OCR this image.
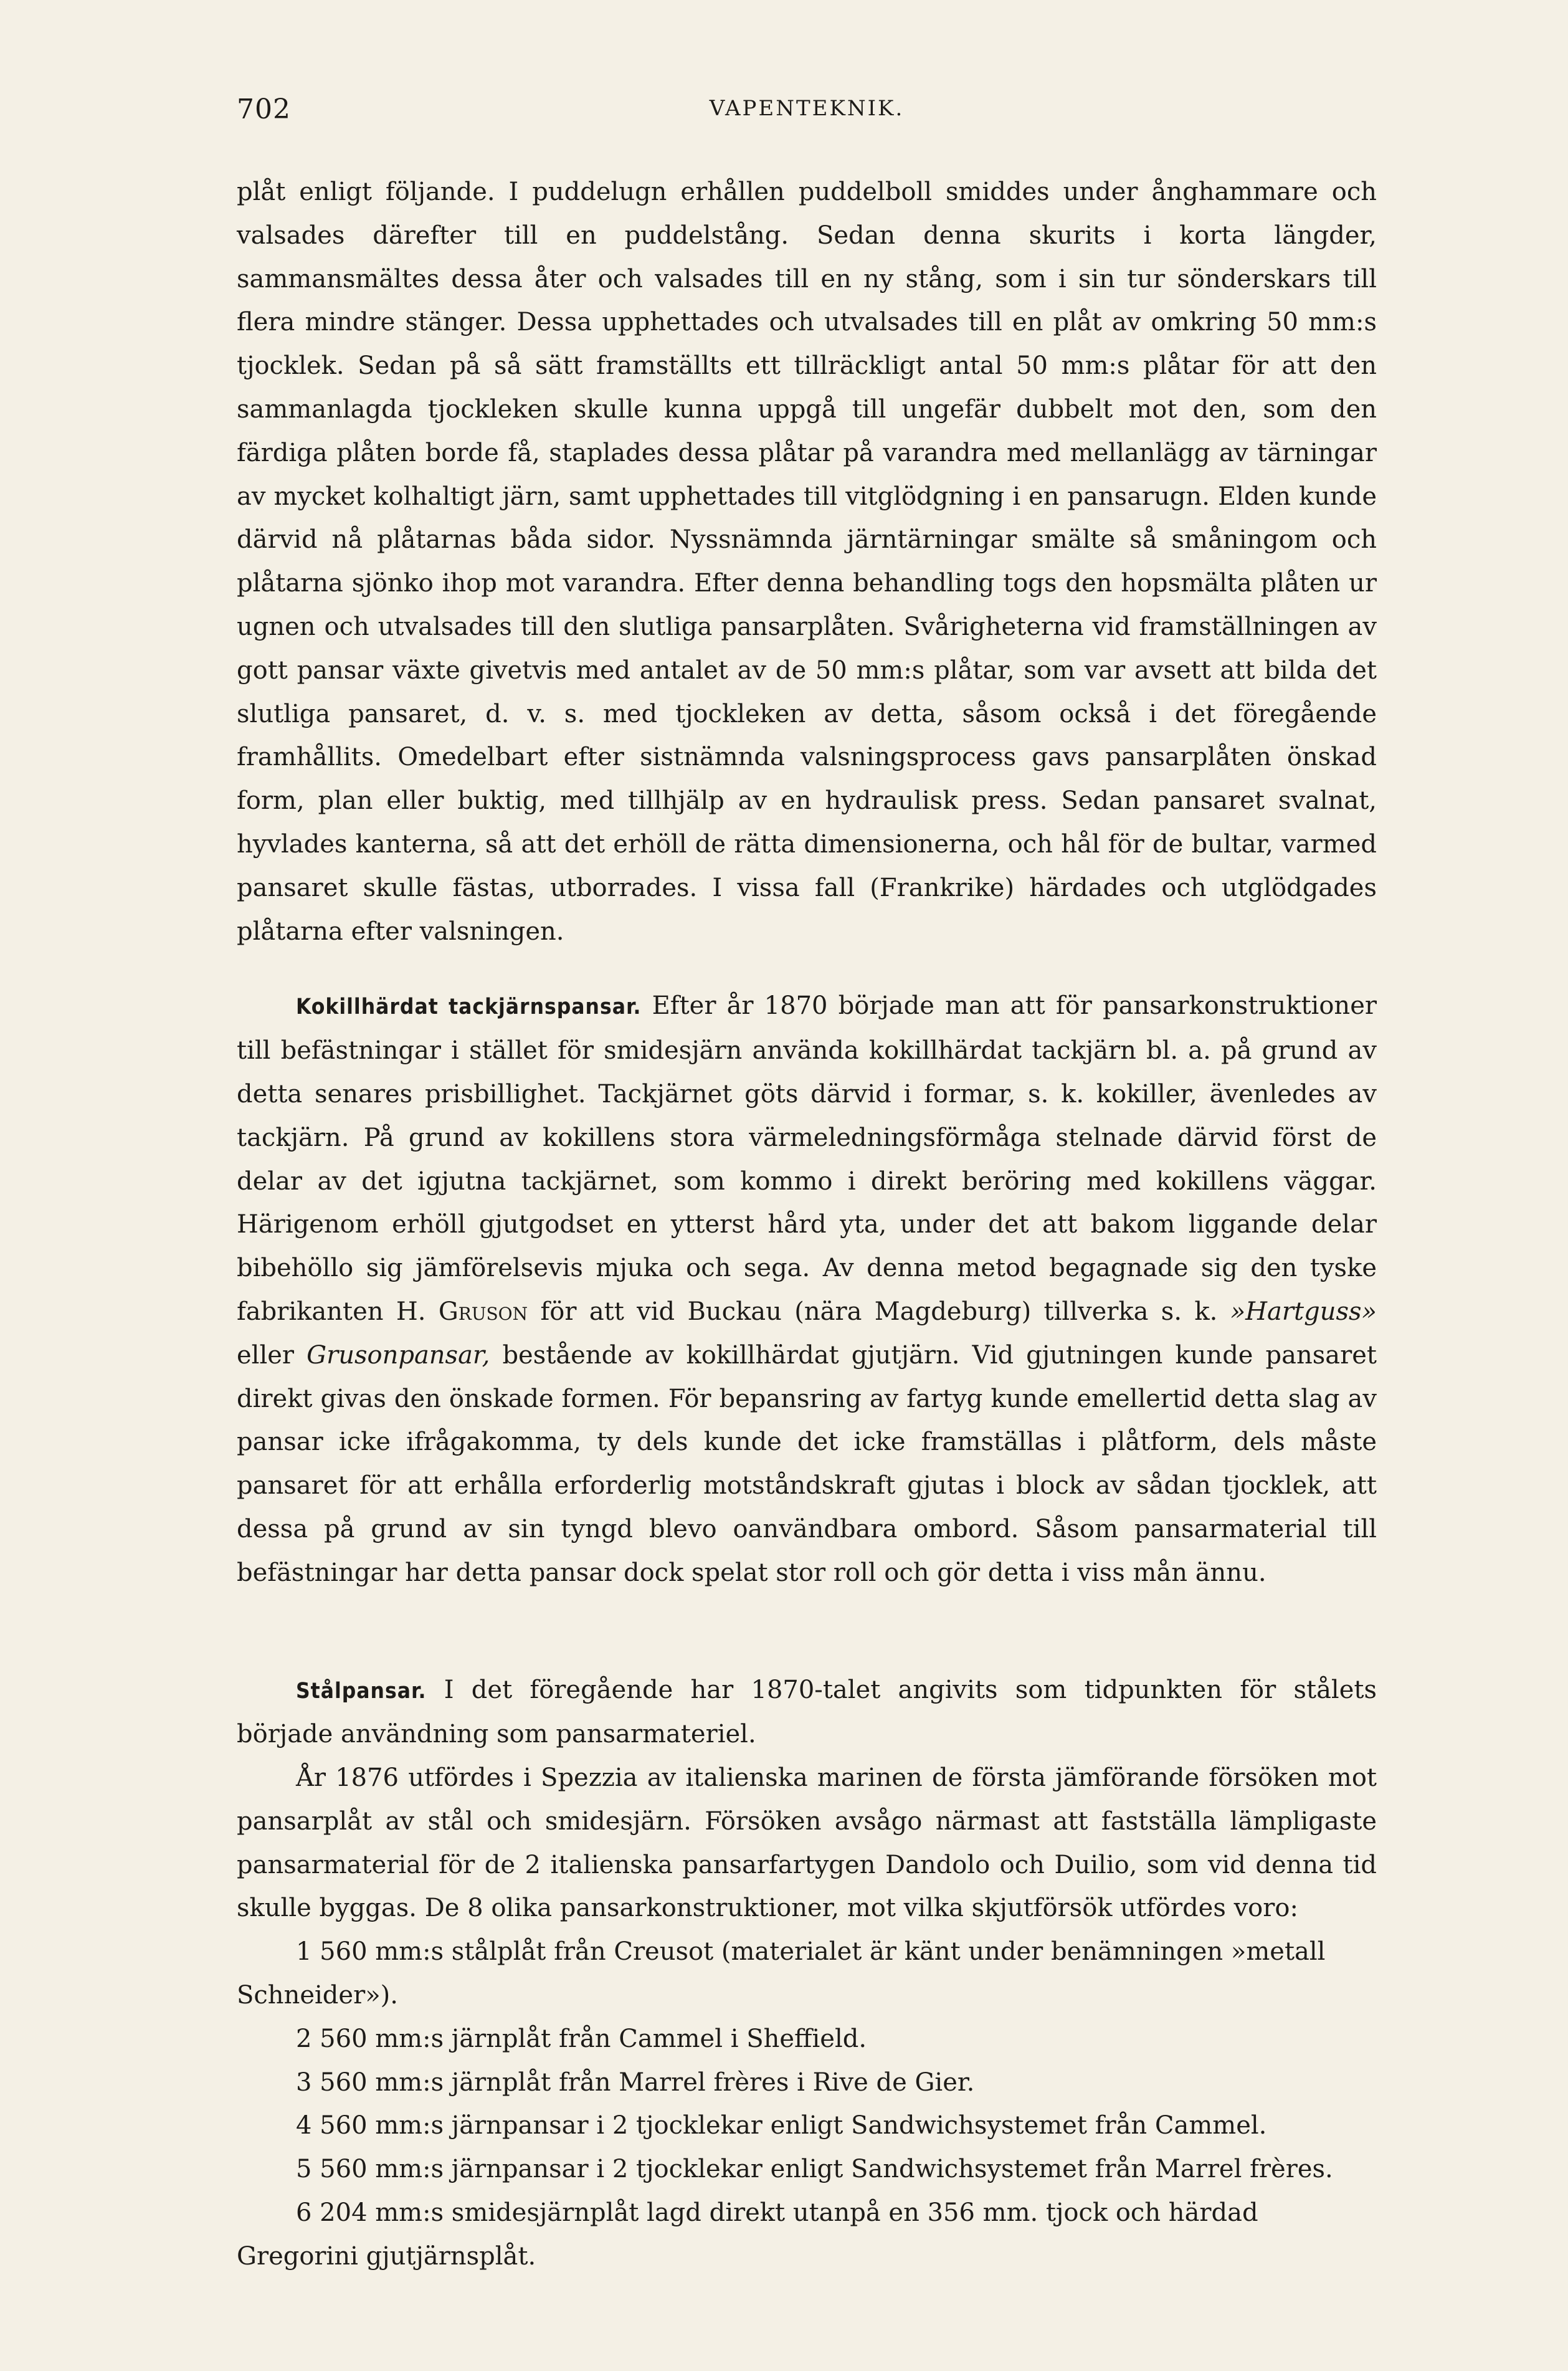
702	VAPENTEKNIK.

plåt enligt följande. I puddelugn erhållen puddelboll smiddes under ånghammare och valsades därefter till en puddelstång. Sedan denna skurits i korta längder, sammansmältes dessa åter och valsades till en ny stång, som i sin tur sönderskars till flera mindre stänger. Dessa upphettades och utvalsades till en plåt av omkring 50 mm:s tjocklek. Sedan på så sätt framställts ett tillräckligt antal 50 mm:s plåtar för att den sammanlagda tjockleken skulle kunna uppgå till ungefär dubbelt mot den, som den färdiga plåten borde få, staplades dessa plåtar på varandra med mellanlägg av tärningar av mycket kolhaltigt järn, samt upphettades till vitglödgning i en pansarugn. Elden kunde därvid nå plåtarnas båda sidor. Nyssnämnda järntärningar smälte så småningom och plåtarna sjönko ihop mot varandra. Efter denna behandling togs den hopsmälta plåten ur ugnen och utvalsades till den slutliga pansarplåten. Svårigheterna vid framställningen av gott pansar växte givetvis med antalet av de 50 mm:s plåtar, som var avsett att bilda det slutliga pansaret, d. v. s. med tjockleken av detta, såsom också i det föregående framhållits. Omedelbart efter sistnämnda valsningsprocess gavs pansarplåten önskad form, plan eller buktig, med tillhjälp av en hydraulisk press. Sedan pansaret svalnat, hyvlades kanterna, så att det erhöll de rätta dimensionerna, och hål för de bultar, varmed pansaret skulle fästas, utborrades. I vissa fall (Frankrike) härdades och utglödgades plåtarna efter valsningen.

Kokillhärdat tackjärnspansar. Efter år 1870 började man att för pansarkonstruktioner till befästningar i stället för smidesjärn använda kokillhärdat tackjärn bl. a. på grund av detta senares prisbillighet. Tackjärnet göts därvid i formar, s. k. kokiller, ävenledes av tackjärn. På grund av kokillens stora värmeledningsförmåga stelnade därvid först de delar av det igjutna tackjärnet, som kommo i direkt beröring med kokillens väggar. Härigenom erhöll gjutgodset en ytterst hård yta, under det att bakom liggande delar bibehöllo sig jämförelsevis mjuka och sega. Av denna metod begagnade sig den tyske fabrikanten H. Gruson för att vid Buckau (nära Magdeburg) tillverka s. k. »Hartguss» eller Grusonpansar, bestående av kokillhärdat gjutjärn. Vid gjutningen kunde pansaret direkt givas den önskade formen. För bepansring av fartyg kunde emellertid detta slag av pansar icke ifrågakomma, ty dels kunde det icke framställas i plåtform, dels måste pansaret för att erhålla erforderlig motståndskraft gjutas i block av sådan tjocklek, att dessa på grund av sin tyngd blevo oanvändbara ombord. Såsom pansarmaterial till befästningar har detta pansar dock spelat stor roll och gör detta i viss mån ännu.

Stålpansar. I det föregående har 1870-talet angivits som tidpunkten för stålets började användning som pansarmateriel.

År 1876 utfördes i Spezzia av italienska marinen de första jämförande försöken mot pansarplåt av stål och smidesjärn. Försöken avsågo närmast att fastställa lämpligaste pansarmaterial för de 2 italienska pansarfartygen Dandolo och Duilio, som vid denna tid skulle byggas. De 8 olika pansarkonstruktioner, mot vilka skjutförsök utfördes voro:

1 560 mm:s stålplåt från Creusot (materialet är känt under benämningen »metall Schneider»).

2 560 mm:s järnplåt från Cammel i Sheffield.

3 560 mm:s järnplåt från Marrel frères i Rive de Gier.

4 560 mm:s järnpansar i 2 tjocklekar enligt Sandwichsystemet från Cammel.

5 560 mm:s järnpansar i 2 tjocklekar enligt Sandwichsystemet från Marrel frères.

6 204 mm:s smidesjärnplåt lagd direkt utanpå en 356 mm. tjock och härdad Gregorini gjutjärnsplåt.
